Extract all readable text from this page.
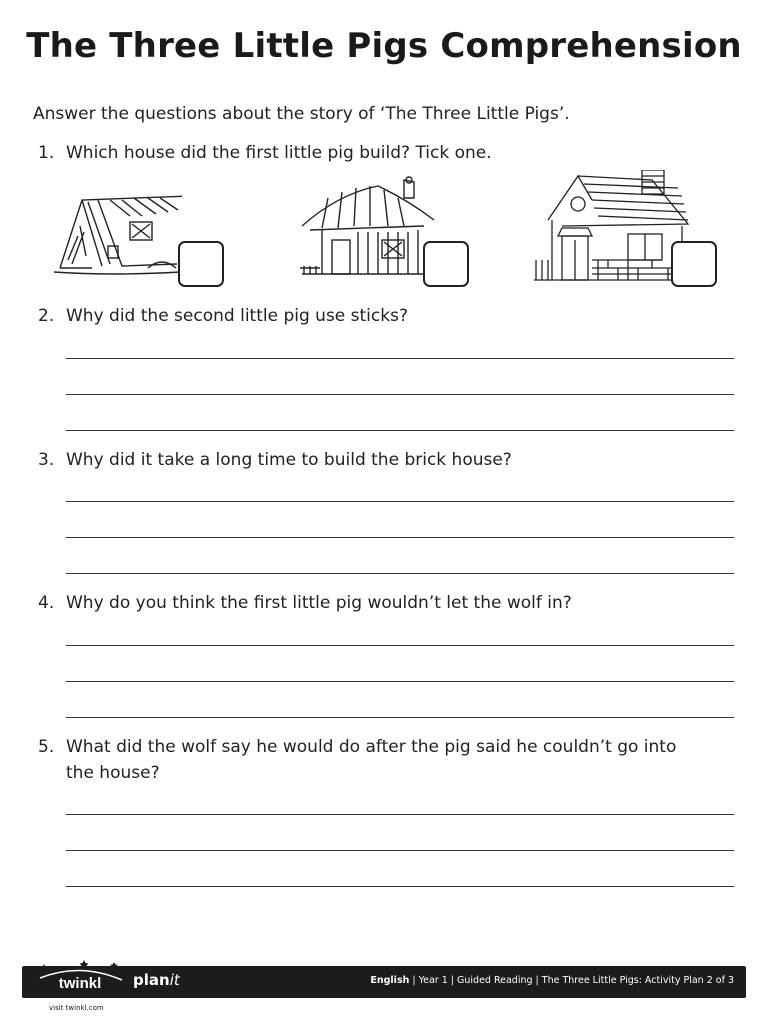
The Three Little Pigs Comprehension
Answer the questions about the story of ‘The Three Little Pigs’.
1. Which house did the first little pig build? Tick one.
2. Why did the second little pig use sticks?
3. Why did it take a long time to build the brick house?
4. Why do you think the first little pig wouldn’t let the wolf in?
5. What did the wolf say he would do after the pig said he couldn’t go into the house?
twinkl planit	English | Year 1 | Guided Reading | The Three Little Pigs: Activity Plan 2 of 3
visit twinkl.com
